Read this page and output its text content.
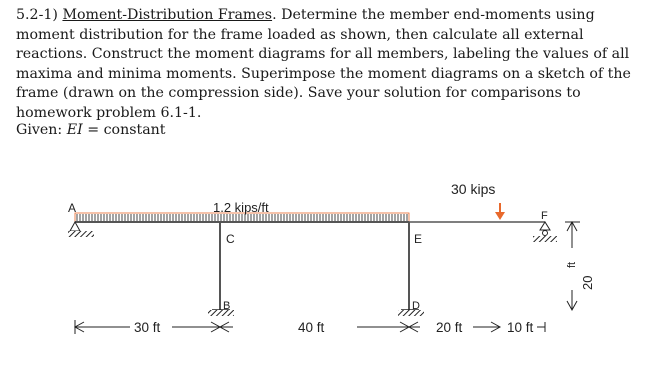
5.2-1) Moment-Distribution Frames. Determine the member end-moments using moment distribution for the frame loaded as shown, then calculate all external reactions. Construct the moment diagrams for all members, labeling the values of all maxima and minima moments. Superimpose the moment diagrams on a sketch of the frame (drawn on the compression side). Save your solution for comparisons to homework problem 6.1-1.

Given: EI = constant
A
B	D
F
C	E
1.2 kips/ft
30 kips
30 ft	40 ft	20 ft	10 ft
20
ft
